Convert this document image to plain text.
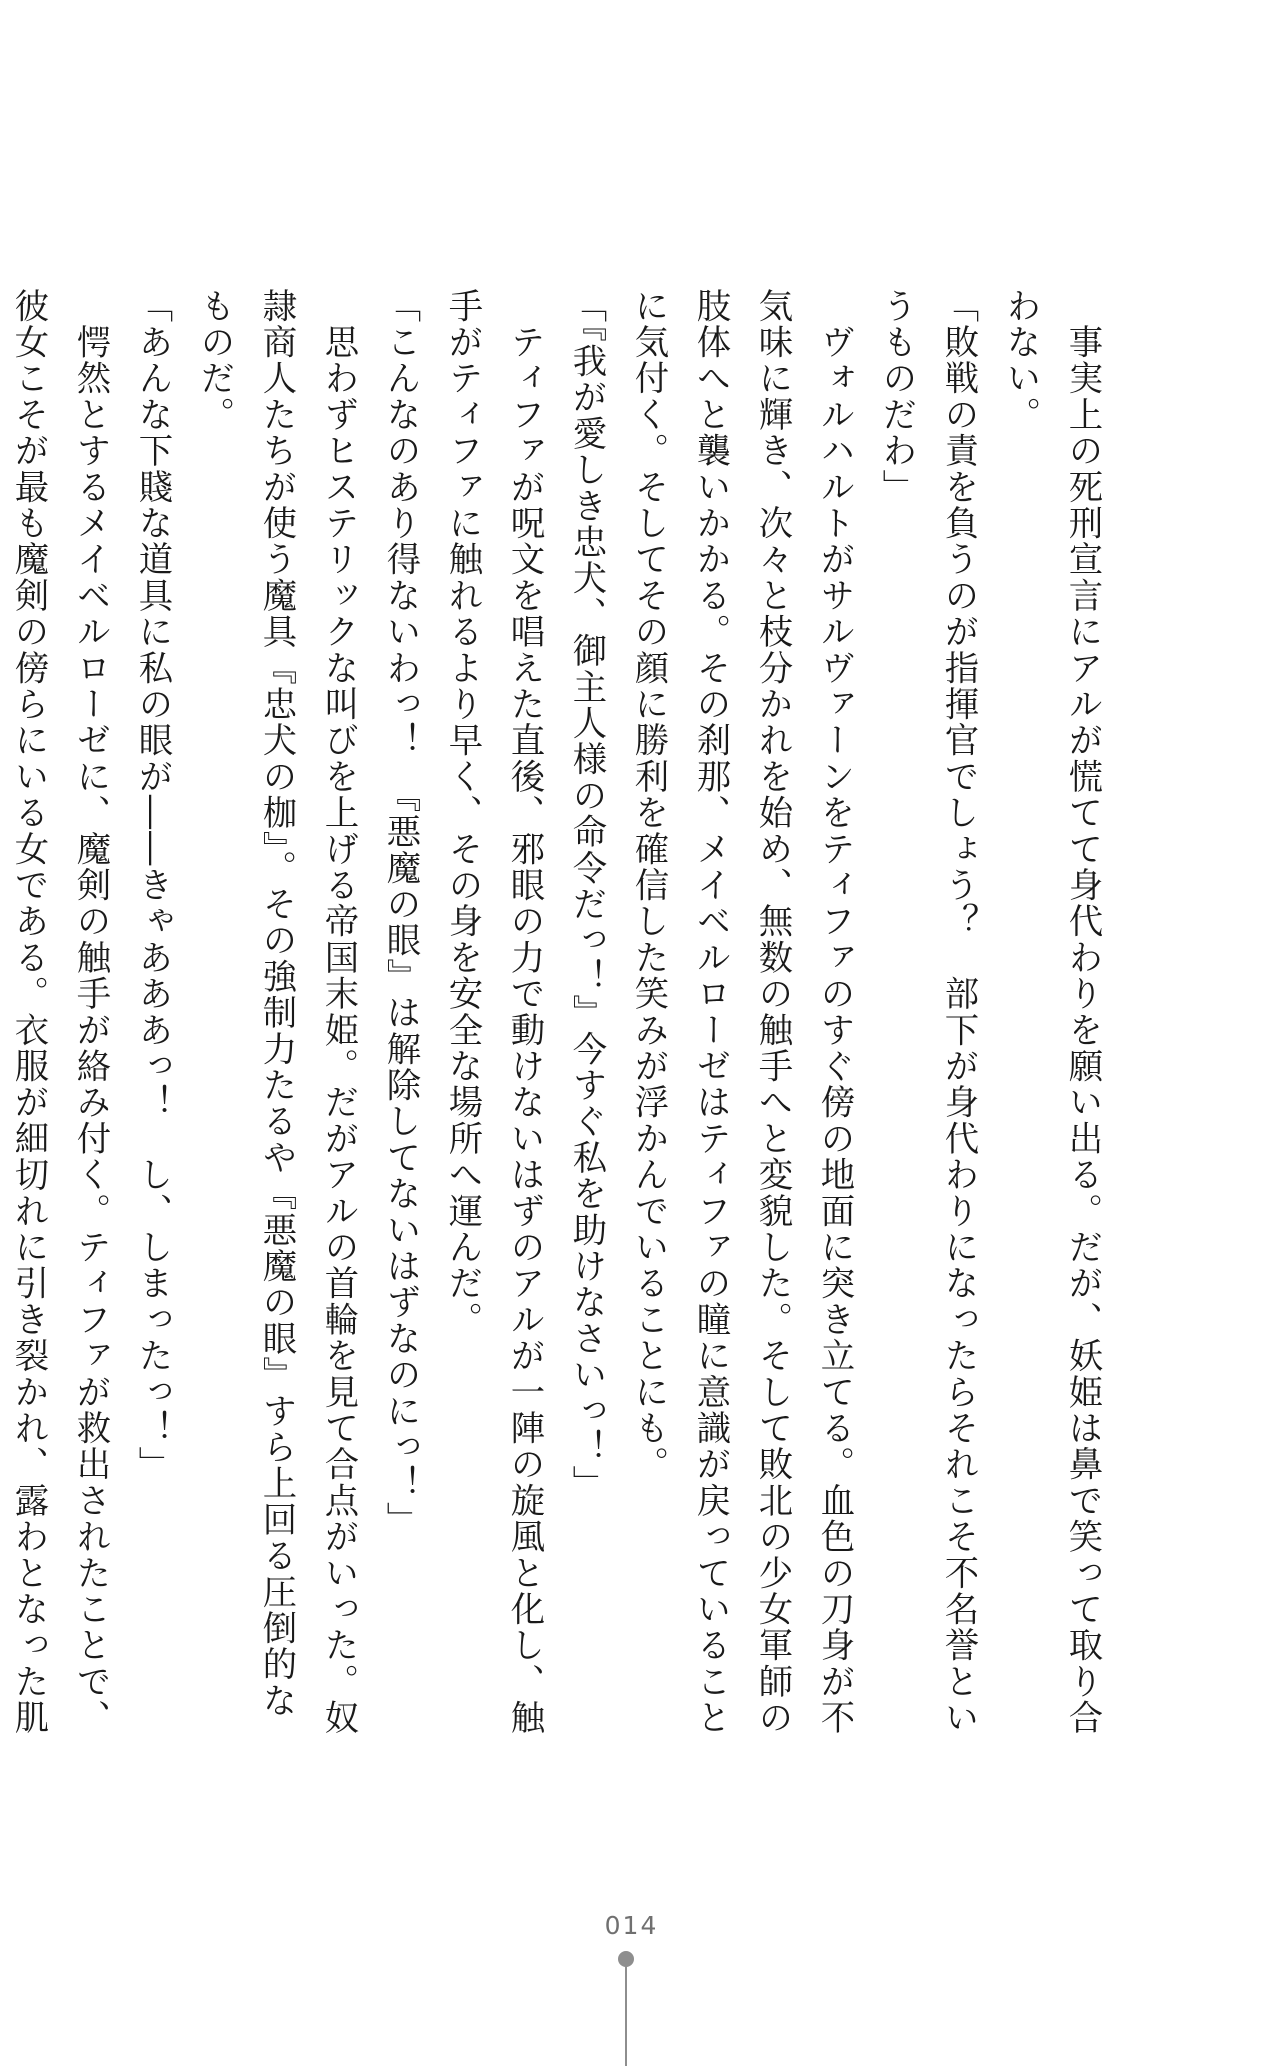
　事実上の死刑宣言にアルが慌てて身代わりを願い出る。だが、妖姫は鼻で笑って取り合

わない。

「敗戦の責を負うのが指揮官でしょう？　部下が身代わりになったらそれこそ不名誉とい

うものだわ」

　ヴォルハルトがサルヴァーンをティファのすぐ傍の地面に突き立てる。血色の刀身が不

気味に輝き、次々と枝分かれを始め、無数の触手へと変貌した。そして敗北の少女軍師の

肢体へと襲いかかる。その刹那、メイベルローゼはティファの瞳に意識が戻っていること

に気付く。そしてその顔に勝利を確信した笑みが浮かんでいることにも。

「『我が愛しき忠犬、御主人様の命令だっ！』今すぐ私を助けなさいっ！」

　ティファが呪文を唱えた直後、邪眼の力で動けないはずのアルが一陣の旋風と化し、触

手がティファに触れるより早く、その身を安全な場所へ運んだ。

「こんなのあり得ないわっ！　『悪魔の眼』は解除してないはずなのにっ！」

　思わずヒステリックな叫びを上げる帝国末姫。だがアルの首輪を見て合点がいった。奴

隷商人たちが使う魔具『忠犬の枷』。その強制力たるや『悪魔の眼』すら上回る圧倒的な

ものだ。

「あんな下賤な道具に私の眼が――きゃあああっ！　し、しまったっ！」

　愕然とするメイベルローゼに、魔剣の触手が絡み付く。ティファが救出されたことで、

彼女こそが最も魔剣の傍らにいる女である。衣服が細切れに引き裂かれ、露わとなった肌

014
